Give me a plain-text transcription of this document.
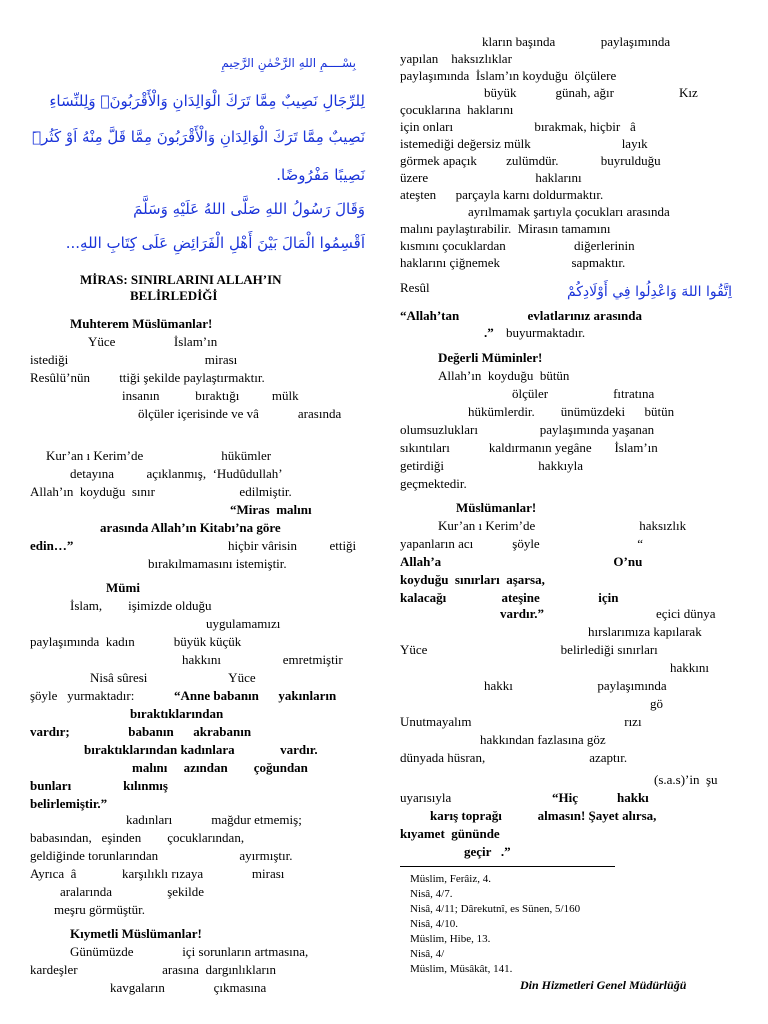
بِسْــــمِ اللهِ الرَّحْمٰنِ الرَّحِيمِ
لِلرِّجَالِ نَصِيبٌ مِمَّا تَرَكَ الْوَالِدَانِ وَالْأَقْرَبُونَۖ وَلِلنِّسَاءِ
نَصِيبٌ مِمَّا تَرَكَ الْوَالِدَانِ وَالْأَقْرَبُونَ مِمَّا قَلَّ مِنْهُ اَوْ كَثُرَۜ
نَصِيبًا مَفْرُوضًا.
وَقَالَ رَسُولُ اللهِ صَلَّى اللهُ عَلَيْهِ وَسَلَّمَ
اَقْسِمُوا الْمَالَ بَيْنَ أَهْلِ الْفَرَائِضِ عَلَى كِتَابِ اللهِ...
MİRAS: SINIRLARINI ALLAH’IN
BELİRLEDİĞİ
Muhterem Müslümanlar!
Yüce                  İslam’ın
istediği                                          mirası
Resûlü’nün         ttiği şekilde paylaştırmaktır.
insanın           bıraktığı          mülk
ölçüler içerisinde ve vâ            arasında
Kur’an ı Kerim’de                        hükümler
detayına          açıklanmış,  ‘Hudûdullah’
Allah’ın  koyduğu  sınır                          edilmiştir.
“Miras  malını
arasında Allah’ın Kitabı’na göre
edin…”	hiçbir vârisin          ettiği
bırakılmamasını istemiştir.
Mümi
İslam,        işimizde olduğu
uygulamamızı
paylaşımında  kadın            büyük küçük
hakkını                   emretmiştir
Nisâ sûresi                         Yüce
şöyle   yurmaktadır:	“Anne babanın      yakınların
bıraktıklarından
vardır;                  babanın      akrabanın
bıraktıklarından kadınlara              vardır.
malını     azından        çoğundan
bunları                kılınmış
belirlemiştir.”
kadınları            mağdur etmemiş;
babasından,   eşinden        çocuklarından,
geldiğinde torunlarından                         ayırmıştır.
Ayrıca  â              karşılıklı rızaya               mirası
aralarında                 şekilde
meşru görmüştür.
Kıymetli Müslümanlar!
Günümüzde               içi sorunların artmasına,
kardeşler                          arasına  dargınlıkların
kavgaların               çıkmasına
اِتَّقُوا اللهَ وَاعْدِلُوا فِي أَوْلَادِكُمْ
kların başında              paylaşımında
yapılan    haksızlıklar
paylaşımında  İslam’ın koyduğu  ölçülere
büyük            günah, ağır                    Kız
çocuklarına  haklarını
için onları                         bırakmak, hiçbir   â
istemediği değersiz mülk                            layık
görmek apaçık         zulümdür.             buyrulduğu
üzere                                 haklarını
ateşten      parçayla karnı doldurmaktır.
ayrılmamak şartıyla çocukları arasında
malını paylaştırabilir.  Mirasın tamamını
kısmını çocuklardan                     diğerlerinin
haklarını çiğnemek                      sapmaktır.
Resûl
“Allah’tan                     evlatlarınız arasında
.” buyurmaktadır.
Değerli Müminler!
Allah’ın  koyduğu  bütün
ölçüler                    fıtratına
hükümlerdir.        ünümüzdeki      bütün
olumsuzlukları                   paylaşımında yaşanan
sıkıntıları            kaldırmanın yegâne       İslam’ın
getirdiği                             hakkıyla
geçmektedir.
Müslümanlar!
Kur’an ı Kerim’de                                haksızlık
yapanların acı            şöyle                              “
Allah’a                                                     O’nu
koyduğu  sınırları  aşarsa,
kalacağı                 ateşine                  için
vardır.”	eçici dünya
hırslarımıza kapılarak
Yüce                                         belirlediği sınırları
hakkını
hakkı                          paylaşımında
gö
Unutmayalım                                               rızı
hakkından fazlasına göz
dünyada hüsran,                                azaptır.
(s.a.s)’in  şu
uyarısıyla	“Hiç            hakkı
karış toprağı           almasın! Şayet alırsa,
kıyamet  gününde
geçir   .”
Müslim, Ferâiz, 4.
Nisâ, 4/7.
Nisâ, 4/11; Dârekutnî, es Sünen, 5/160
Nisâ, 4/10.
Müslim, Hibe, 13.
Nisâ, 4/
Müslim, Müsâkât, 141.
Din Hizmetleri Genel Müdürlüğü
